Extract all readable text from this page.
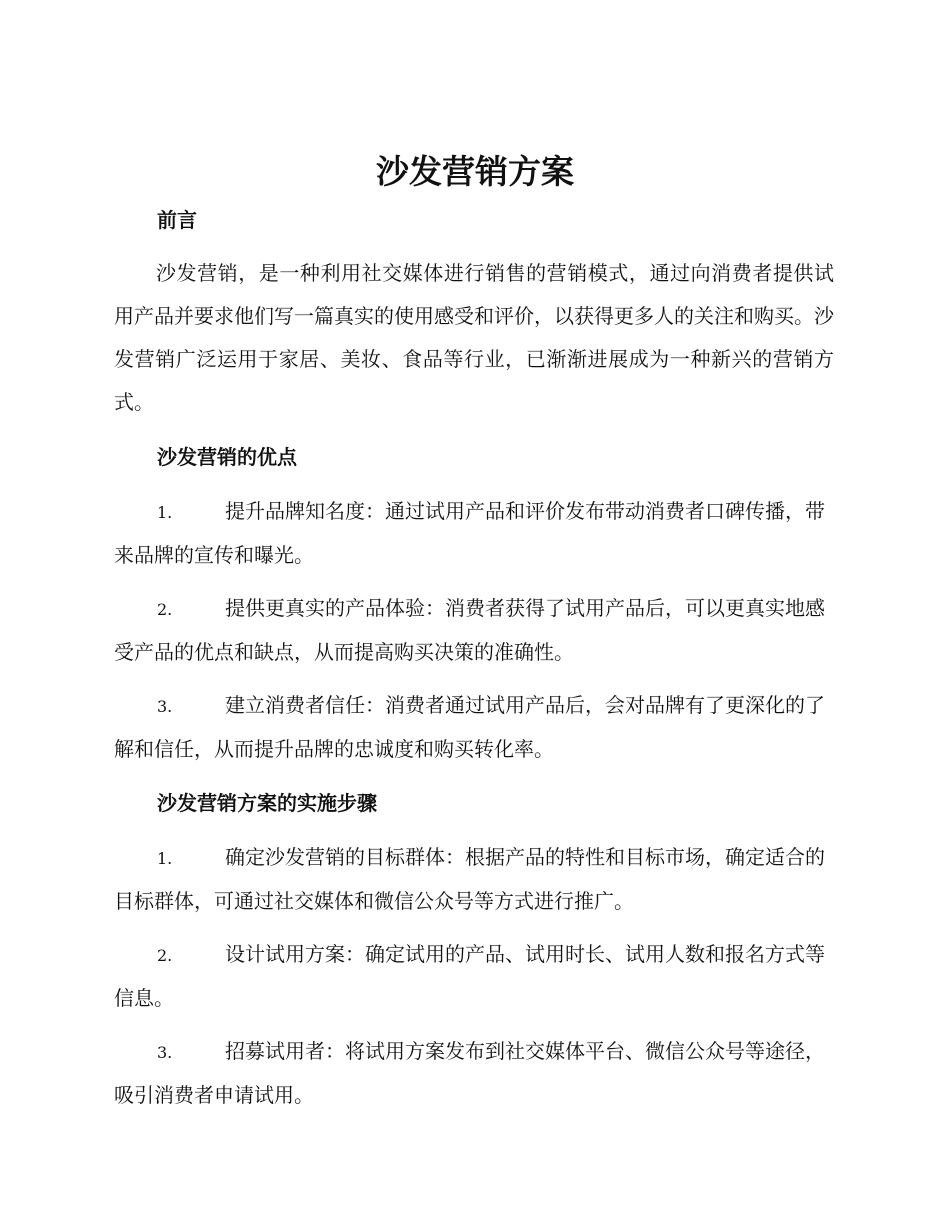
沙发营销方案
前言

沙发营销，是一种利用社交媒体进行销售的营销模式，通过向消费者提供试用产品并要求他们写一篇真实的使用感受和评价，以获得更多人的关注和购买。沙发营销广泛运用于家居、美妆、食品等行业，已渐渐进展成为一种新兴的营销方式。

沙发营销的优点

1.	提升品牌知名度：通过试用产品和评价发布带动消费者口碑传播，带来品牌的宣传和曝光。

2.	提供更真实的产品体验：消费者获得了试用产品后，可以更真实地感受产品的优点和缺点，从而提高购买决策的准确性。

3.	建立消费者信任：消费者通过试用产品后，会对品牌有了更深化的了解和信任，从而提升品牌的忠诚度和购买转化率。

沙发营销方案的实施步骤

1.	确定沙发营销的目标群体：根据产品的特性和目标市场，确定适合的目标群体，可通过社交媒体和微信公众号等方式进行推广。

2.	设计试用方案：确定试用的产品、试用时长、试用人数和报名方式等信息。

3.	招募试用者：将试用方案发布到社交媒体平台、微信公众号等途径，吸引消费者申请试用。
